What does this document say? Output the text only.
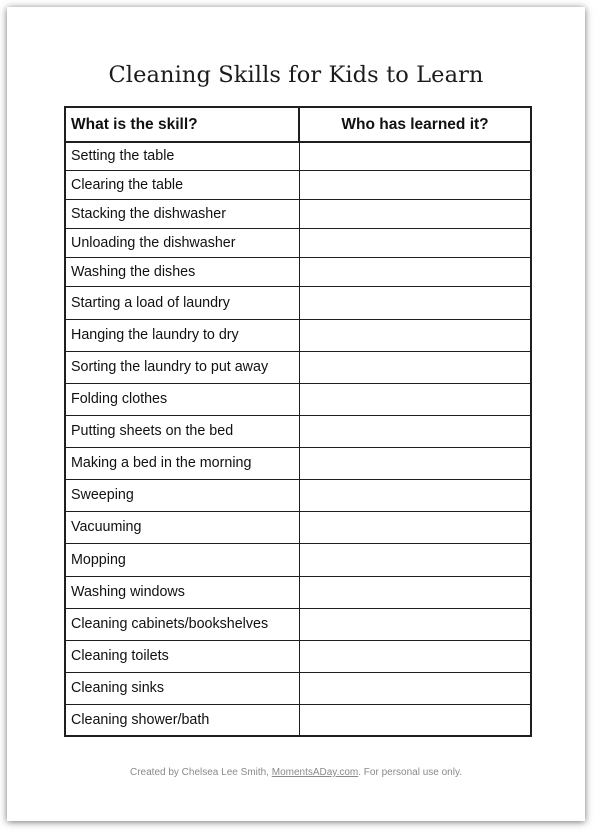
Cleaning Skills for Kids to Learn
What is the skill?	Who has learned it?
Setting the table	
Clearing the table	
Stacking the dishwasher	
Unloading the dishwasher	
Washing the dishes	
Starting a load of laundry	
Hanging the laundry to dry	
Sorting the laundry to put away	
Folding clothes	
Putting sheets on the bed	
Making a bed in the morning	
Sweeping	
Vacuuming	
Mopping	
Washing windows	
Cleaning cabinets/bookshelves	
Cleaning toilets	
Cleaning sinks	
Cleaning shower/bath	
Created by Chelsea Lee Smith, MomentsADay.com. For personal use only.
